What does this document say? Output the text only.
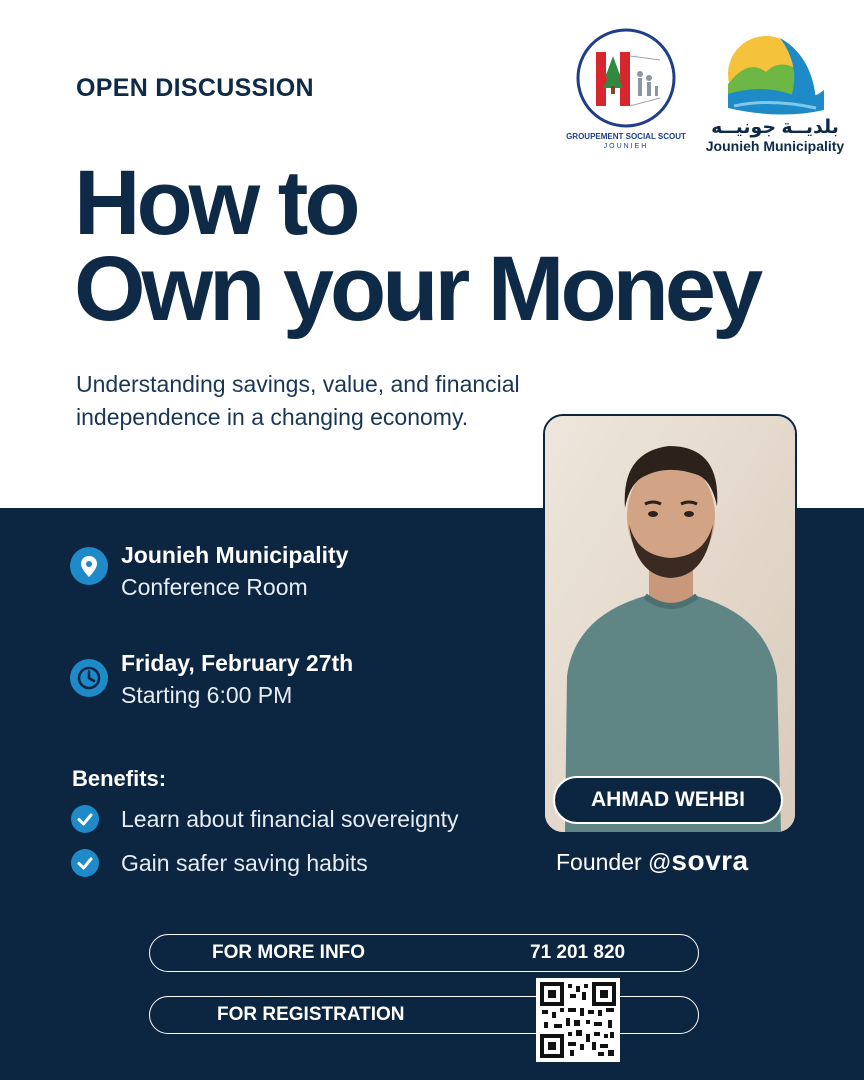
OPEN DISCUSSION
How to
Own your Money
Understanding savings, value, and financial independence in a changing economy.
GROUPEMENT SOCIAL SCOUT
JOUNIEH
بلديــة جونيــه
Jounieh Municipality
Jounieh Municipality
Conference Room
Friday, February 27th
Starting 6:00 PM
Benefits:
Learn about financial sovereignty
Gain safer saving habits
AHMAD WEHBI
Founder @sovra
FOR MORE INFO	71 201 820
FOR REGISTRATION
